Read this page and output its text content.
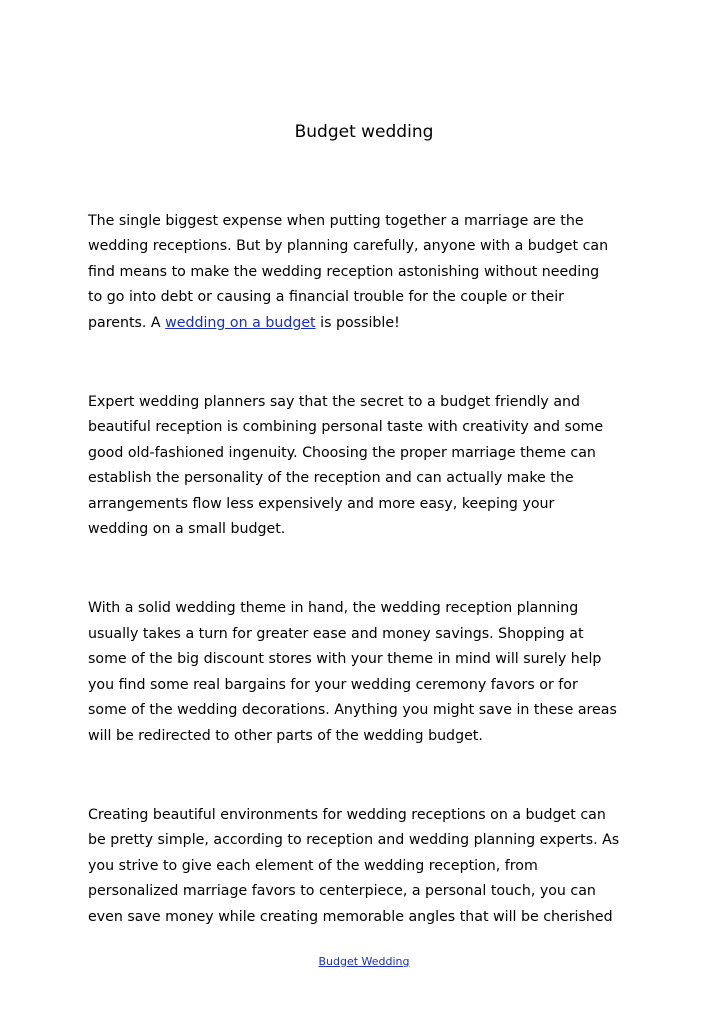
Budget wedding

The single biggest expense when putting together a marriage are the
wedding receptions. But by planning carefully, anyone with a budget can
find means to make the wedding reception astonishing without needing
to go into debt or causing a financial trouble for the couple or their
parents. A wedding on a budget is possible!

Expert wedding planners say that the secret to a budget friendly and
beautiful reception is combining personal taste with creativity and some
good old-fashioned ingenuity. Choosing the proper marriage theme can
establish the personality of the reception and can actually make the
arrangements flow less expensively and more easy, keeping your
wedding on a small budget.

With a solid wedding theme in hand, the wedding reception planning
usually takes a turn for greater ease and money savings. Shopping at
some of the big discount stores with your theme in mind will surely help
you find some real bargains for your wedding ceremony favors or for
some of the wedding decorations. Anything you might save in these areas
will be redirected to other parts of the wedding budget.

Creating beautiful environments for wedding receptions on a budget can
be pretty simple, according to reception and wedding planning experts. As
you strive to give each element of the wedding reception, from
personalized marriage favors to centerpiece, a personal touch, you can
even save money while creating memorable angles that will be cherished

Budget Wedding
